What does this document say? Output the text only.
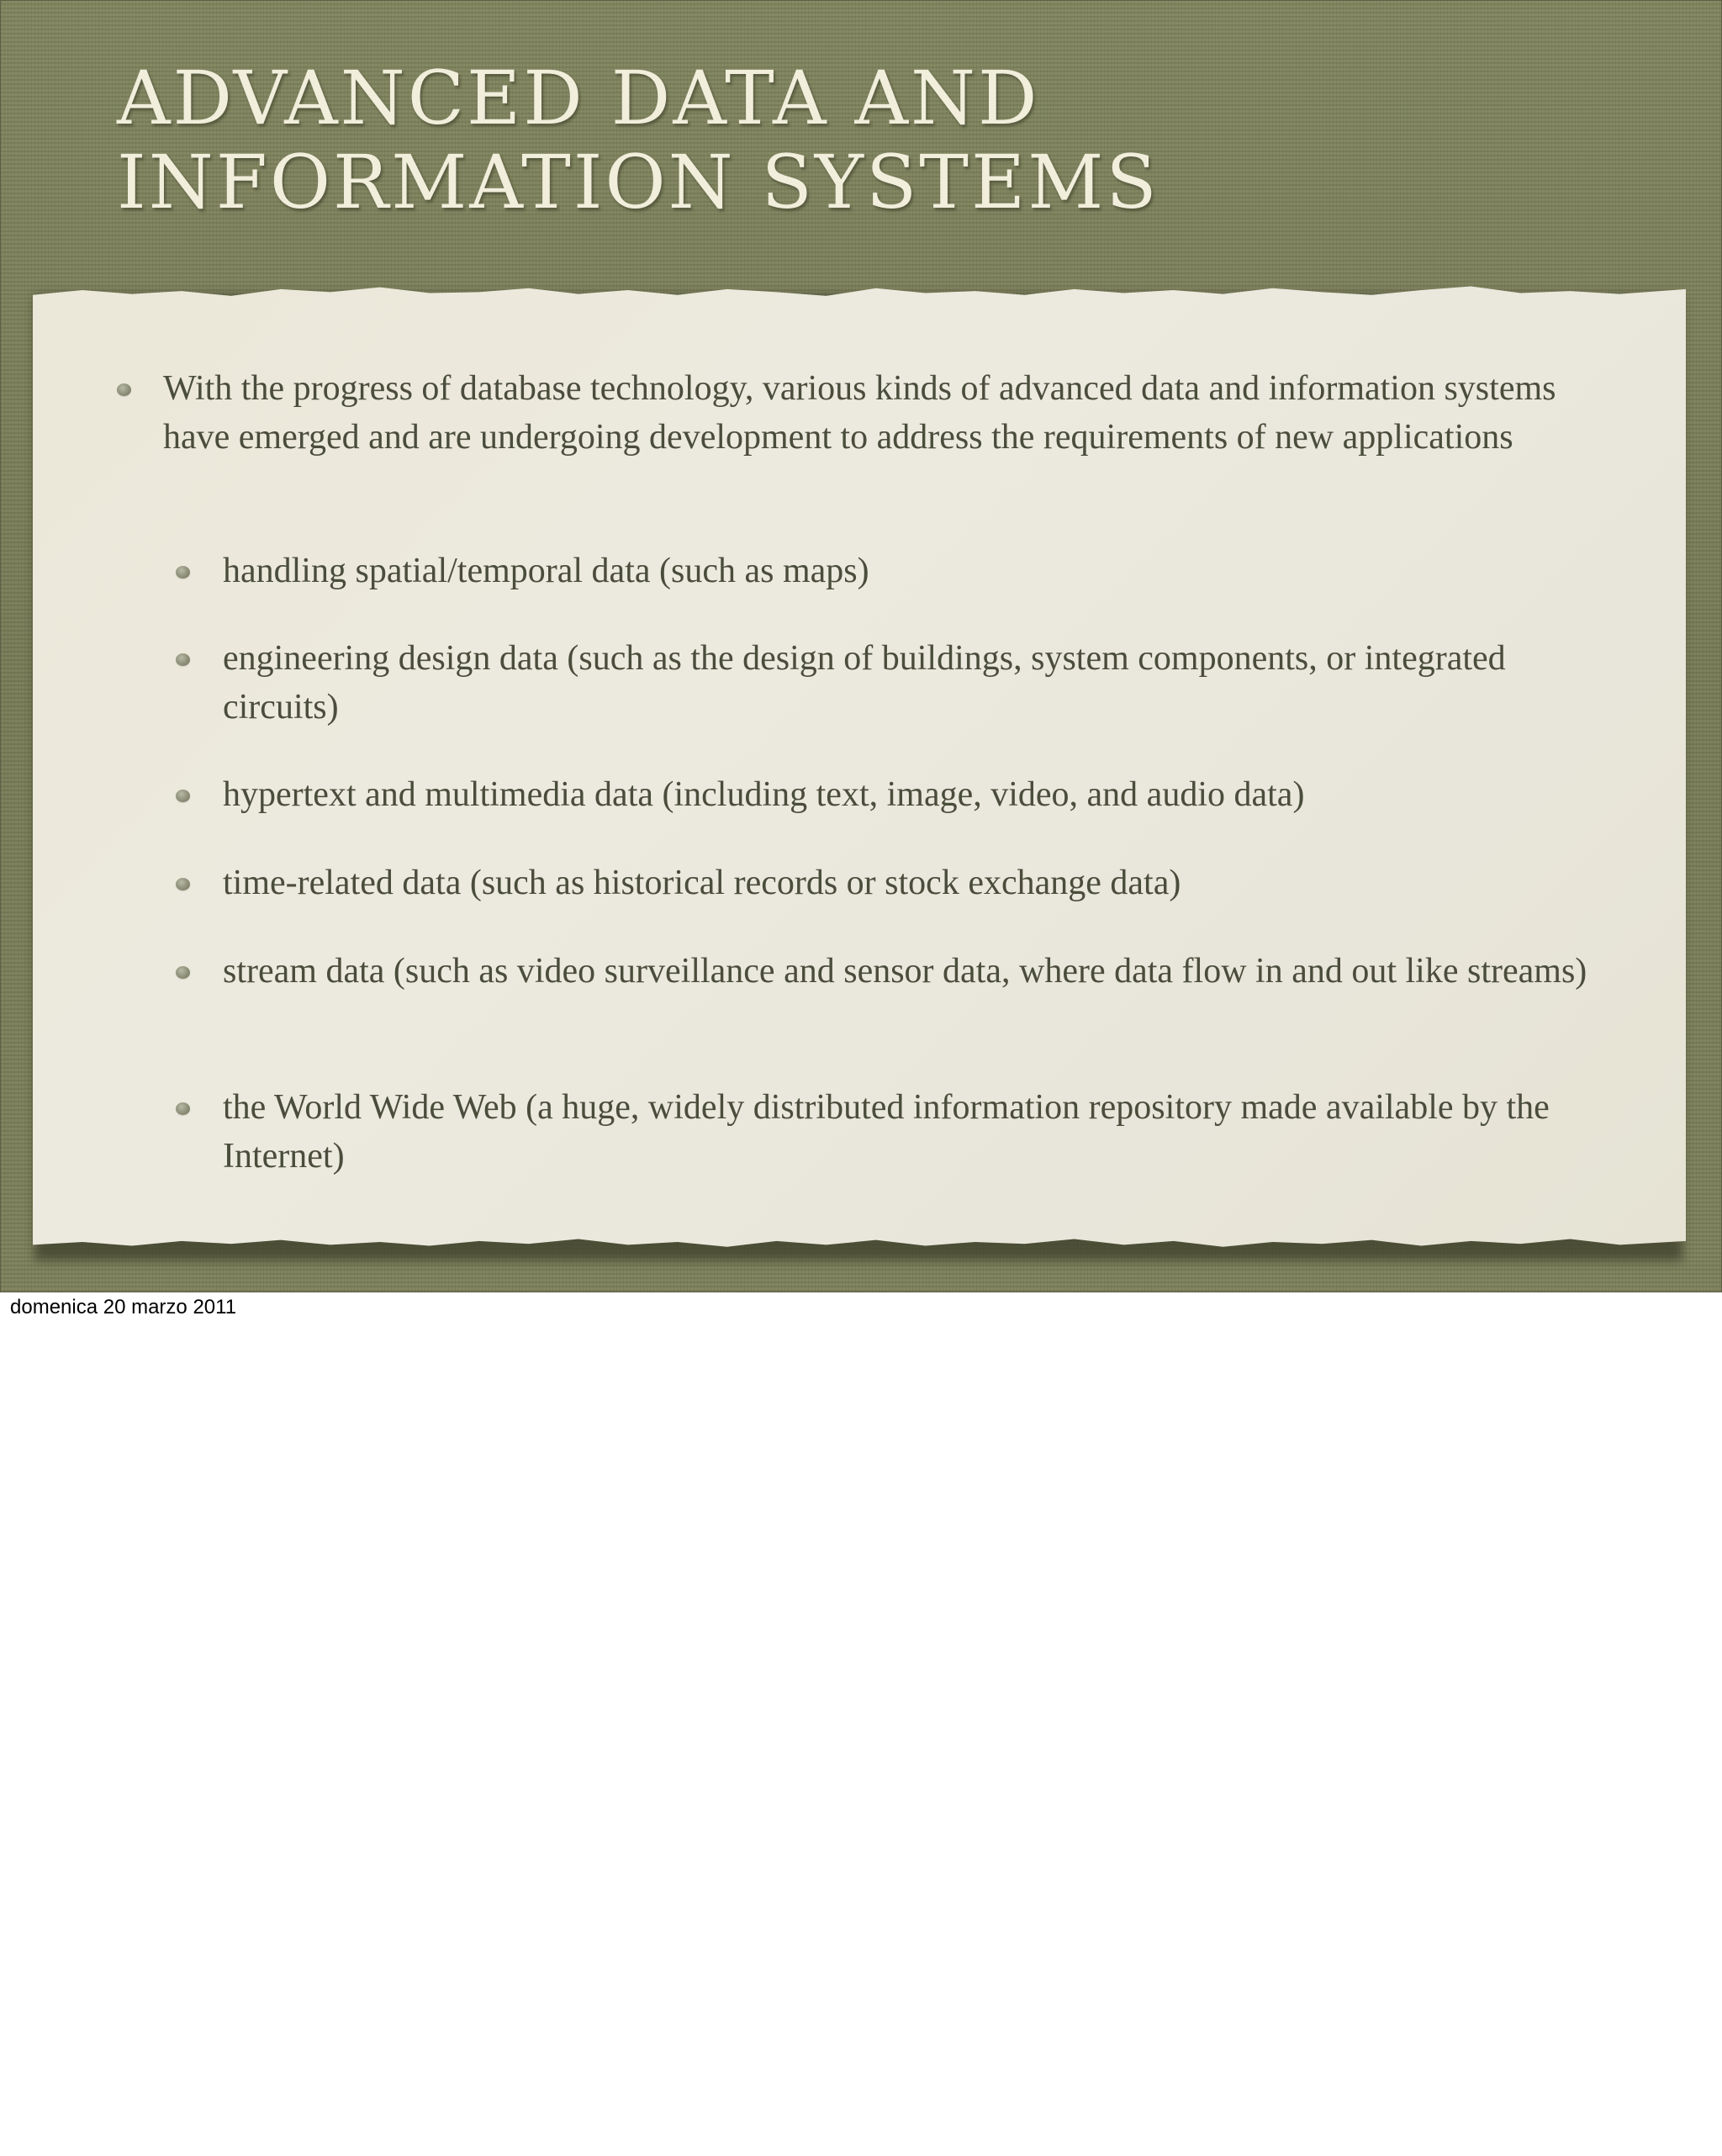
ADVANCED DATA AND
INFORMATION SYSTEMS
With the progress of database technology, various kinds of advanced data and information systems have emerged and are undergoing development to address the requirements of new applications
handling spatial/temporal data (such as maps)
engineering design data (such as the design of buildings, system components, or integrated circuits)
hypertext and multimedia data (including text, image, video, and audio data)
time-related data (such as historical records or stock exchange data)
stream data (such as video surveillance and sensor data, where data flow in and out like streams)
the World Wide Web (a huge, widely distributed information repository made available by the Internet)
domenica 20 marzo 2011
